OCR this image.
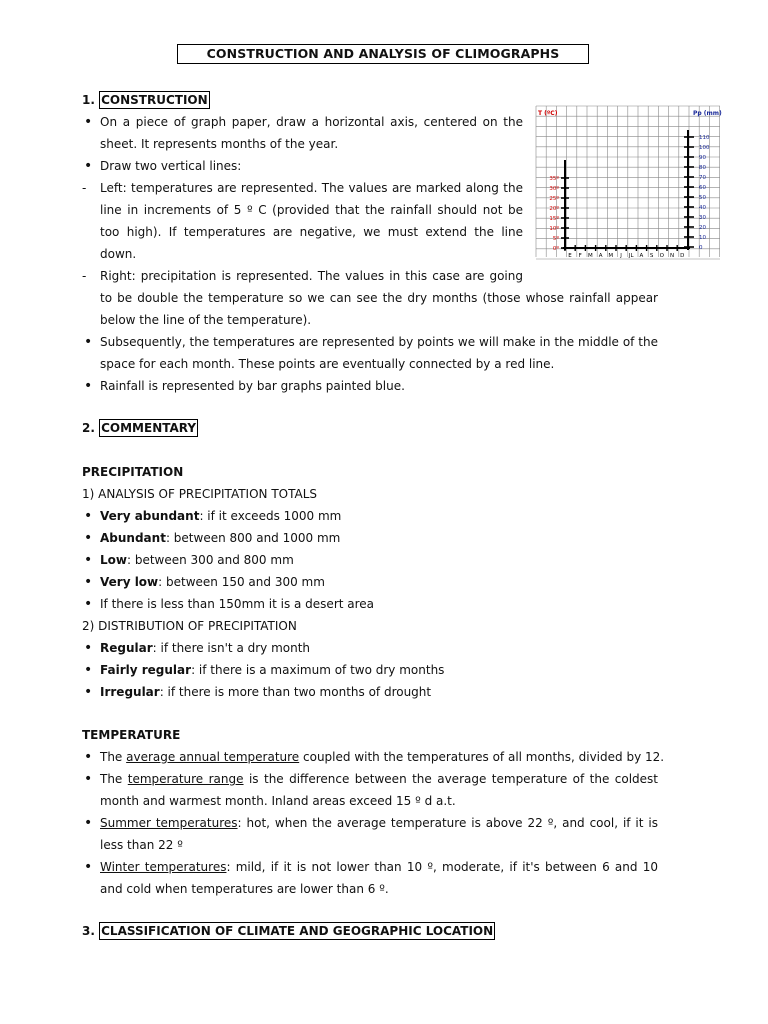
CONSTRUCTION AND ANALYSIS OF CLIMOGRAPHS
1. CONSTRUCTION
• On a piece of graph paper, draw a horizontal axis, centered on the
sheet. It represents months of the year.
• Draw two vertical lines:
- Left: temperatures are represented. The values are marked along the
line in increments of 5 º C (provided that the rainfall should not be
too high). If temperatures are negative, we must extend the line
down.
- Right: precipitation is represented. The values in this case are going
to be double the temperature so we can see the dry months (those whose rainfall appear
below the line of the temperature).
• Subsequently, the temperatures are represented by points we will make in the middle of the
space for each month. These points are eventually connected by a red line.
• Rainfall is represented by bar graphs painted blue.
35º
30º
25º
20º
15º
10º
5º
0º
110
100
90
80
70
60
50
40
30
20
10
0
E F M A M J JL A S O N D
T (ºC)	Pp (mm)
2. COMMENTARY
PRECIPITATION
1) ANALYSIS OF PRECIPITATION TOTALS
• Very abundant: if it exceeds 1000 mm
• Abundant: between 800 and 1000 mm
• Low: between 300 and 800 mm
• Very low: between 150 and 300 mm
• If there is less than 150mm it is a desert area
2) DISTRIBUTION OF PRECIPITATION
• Regular: if there isn't a dry month
• Fairly regular: if there is a maximum of two dry months
• Irregular: if there is more than two months of drought
TEMPERATURE
• The average annual temperature coupled with the temperatures of all months, divided by 12.
• The temperature range is the difference between the average temperature of the coldest
month and warmest month. Inland areas exceed 15 º d a.t.
• Summer temperatures: hot, when the average temperature is above 22 º, and cool, if it is
less than 22 º
• Winter temperatures: mild, if it is not lower than 10 º, moderate, if it's between 6 and 10
and cold when temperatures are lower than 6 º.
3. CLASSIFICATION OF CLIMATE AND GEOGRAPHIC LOCATION
